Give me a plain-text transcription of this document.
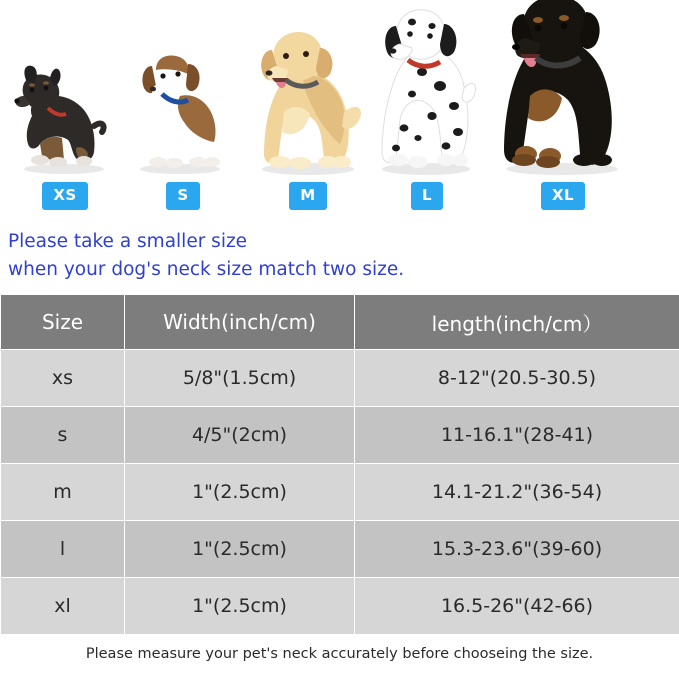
XS	S	M	L	XL
Please take a smaller size
when your dog's neck size match two size.
Size	Width(inch/cm)	length(inch/cm）
xs	5/8"(1.5cm)	8-12"(20.5-30.5)
s	4/5"(2cm)	11-16.1"(28-41)
m	1"(2.5cm)	14.1-21.2"(36-54)
l	1"(2.5cm)	15.3-23.6"(39-60)
xl	1"(2.5cm)	16.5-26"(42-66)
Please measure your pet's neck accurately before chooseing the size.
